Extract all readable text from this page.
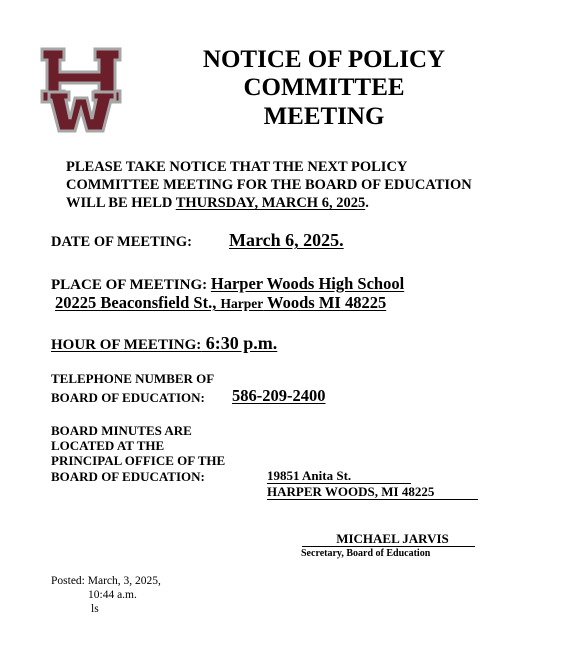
NOTICE OF POLICY
COMMITTEE
MEETING
PLEASE TAKE NOTICE THAT THE NEXT POLICY
COMMITTEE MEETING FOR THE BOARD OF EDUCATION
WILL BE HELD THURSDAY, MARCH 6, 2025.
DATE OF MEETING: March 6, 2025.
PLACE OF MEETING: Harper Woods High School
20225 Beaconsfield St., Harper Woods MI 48225
HOUR OF MEETING: 6:30 p.m.
TELEPHONE NUMBER OF
BOARD OF EDUCATION: 586-209-2400
BOARD MINUTES ARE
LOCATED AT THE
PRINCIPAL OFFICE OF THE
BOARD OF EDUCATION:	19851 Anita St.
HARPER WOODS, MI 48225
MICHAEL JARVIS
Secretary, Board of Education
Posted: March, 3, 2025,
10:44 a.m.
ls
